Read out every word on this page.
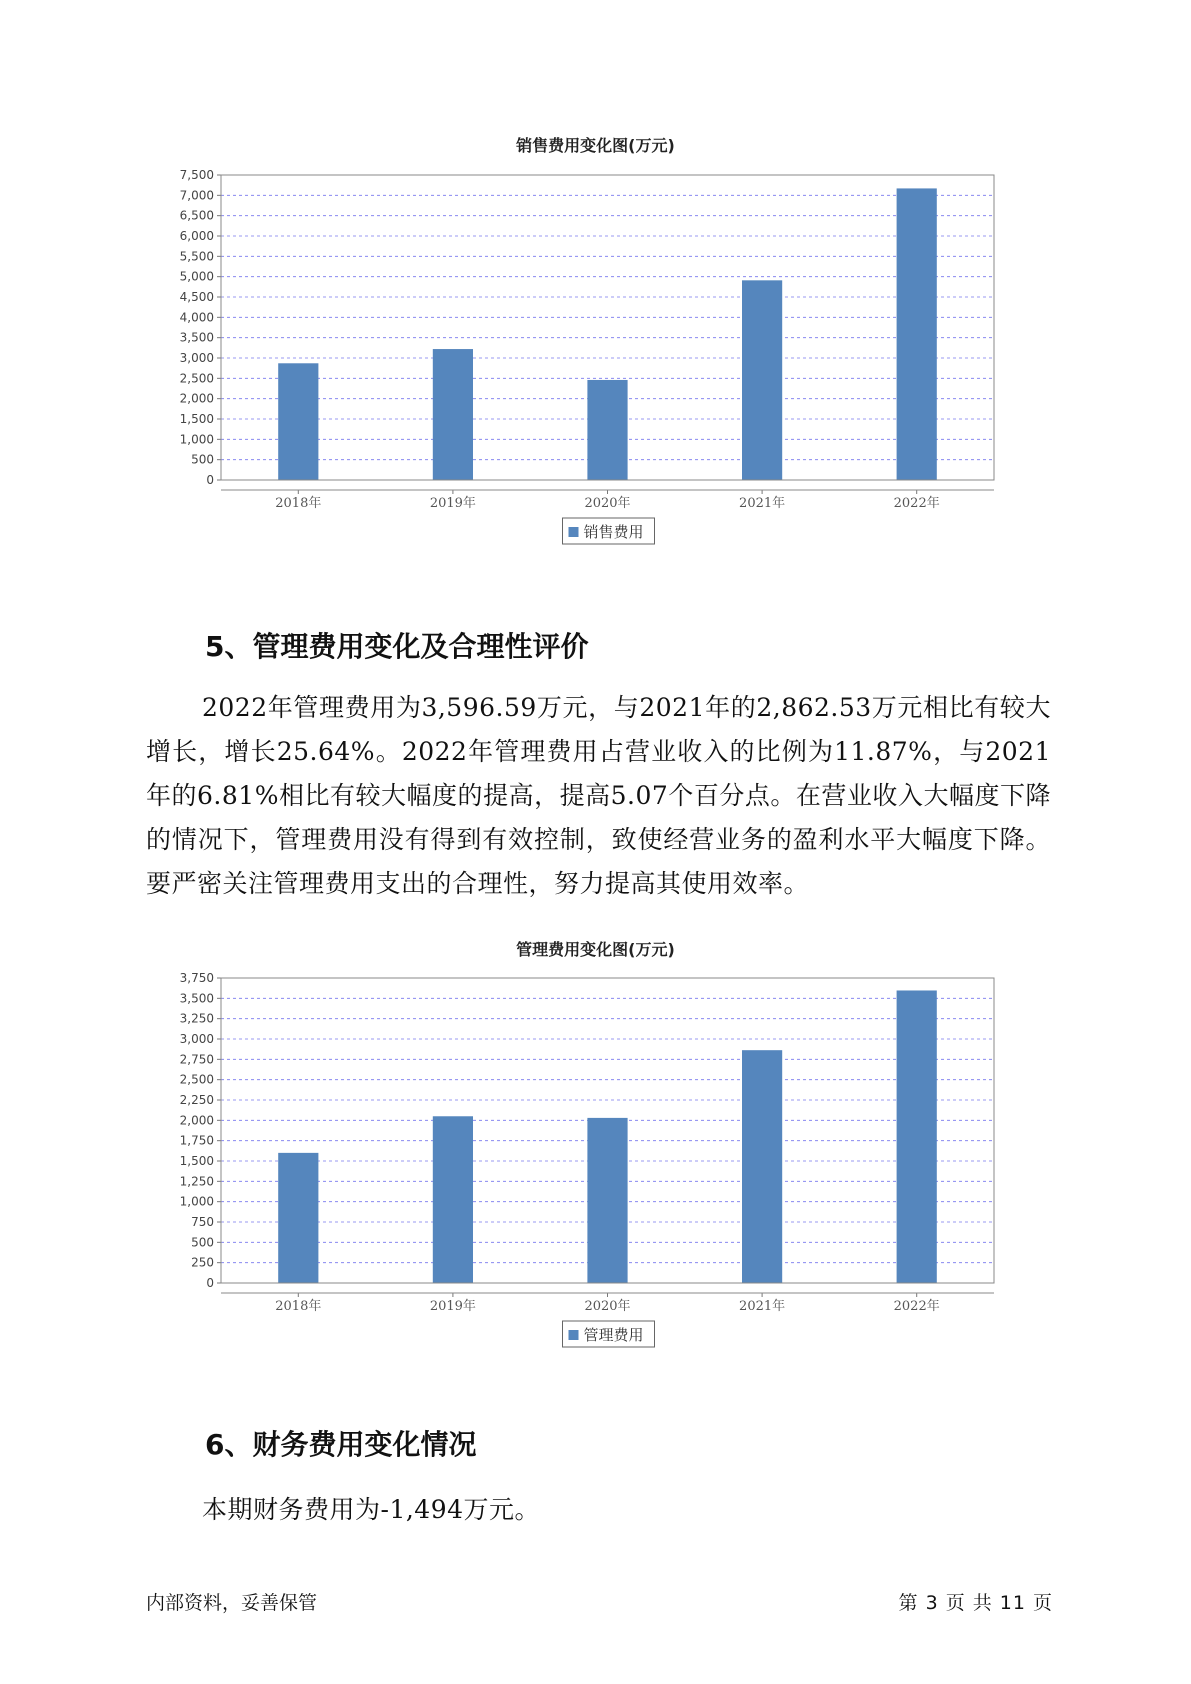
销售费用变化图(万元)
0
500
1,000
1,500
2,000
2,500
3,000
3,500
4,000
4,500
5,000
5,500
6,000
6,500
7,000
7,500
2018年	2019年	2020年	2021年	2022年
销售费用
5、管理费用变化及合理性评价

2022年管理费用为3,596.59万元，与2021年的2,862.53万元相比有较大增长，增长25.64%。2022年管理费用占营业收入的比例为11.87%，与2021年的6.81%相比有较大幅度的提高，提高5.07个百分点。在营业收入大幅度下降的情况下，管理费用没有得到有效控制，致使经营业务的盈利水平大幅度下降。要严密关注管理费用支出的合理性，努力提高其使用效率。

管理费用变化图(万元)
0
250
500
750
1,000
1,250
1,500
1,750
2,000
2,250
2,500
2,750
3,000
3,250
3,500
3,750
2018年	2019年	2020年	2021年	2022年
管理费用
6、财务费用变化情况

本期财务费用为-1,494万元。

内部资料，妥善保管	第 3 页 共 11 页
